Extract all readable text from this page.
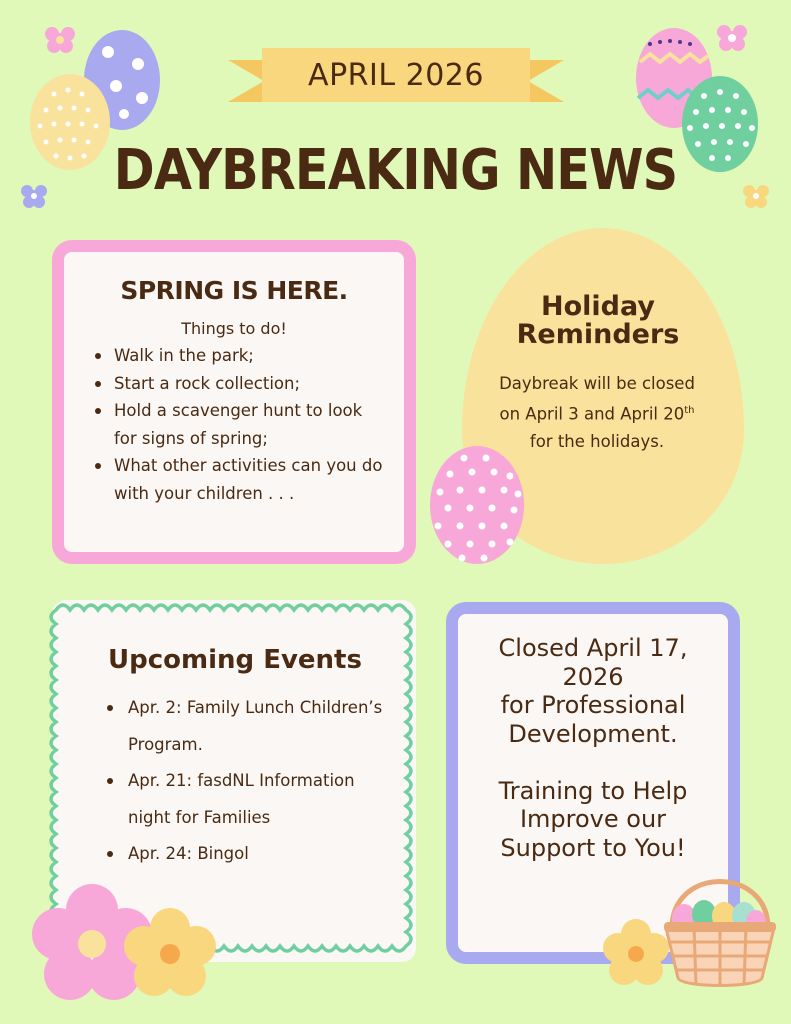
APRIL 2026
DAYBREAKING NEWS
SPRING IS HERE.
Things to do!
Walk in the park;
Start a rock collection;
Hold a scavenger hunt to look for signs of spring;
What other activities can you do with your children . . .
Holiday
Reminders
Daybreak will be closed on April 3 and April 20th for the holidays.
Upcoming Events
Apr. 2: Family Lunch Children’s Program.
Apr. 21: fasdNL Information night for Families
Apr. 24: Bingol
Closed April 17, 2026
for Professional Development.

Training to Help Improve our Support to You!
